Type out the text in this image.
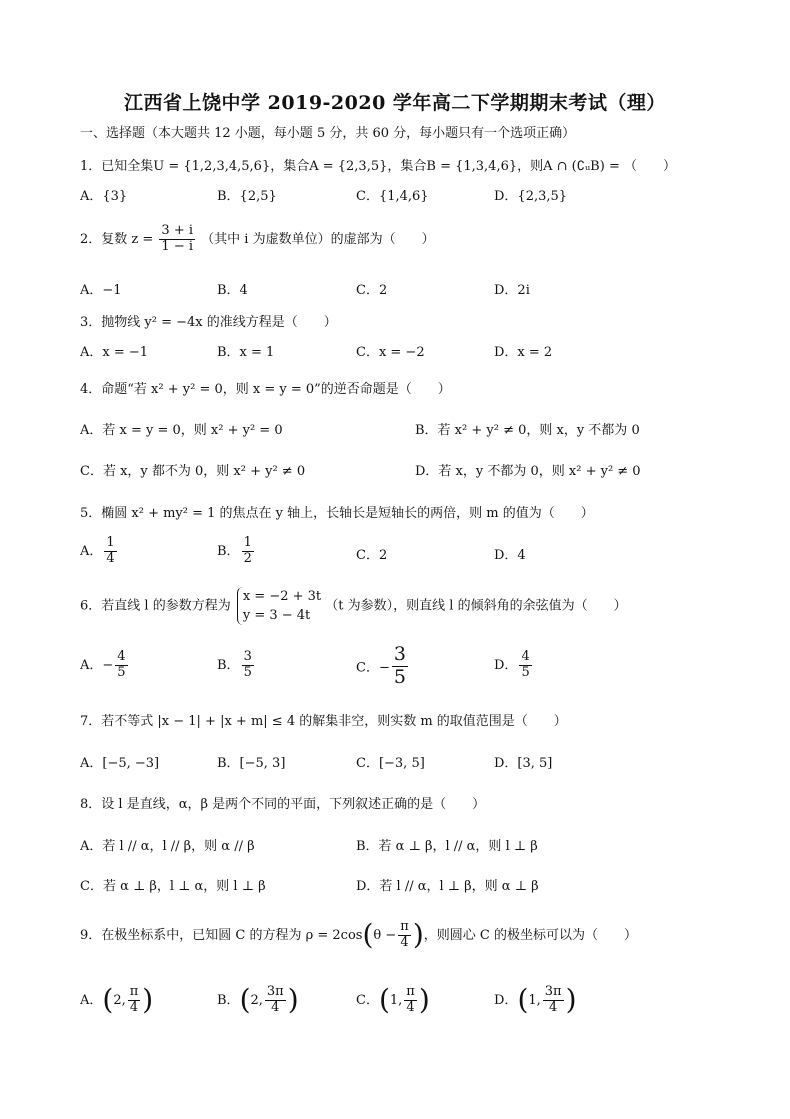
江西省上饶中学 2019-2020 学年高二下学期期末考试（理）
一、选择题（本大题共 12 小题，每小题 5 分，共 60 分，每小题只有一个选项正确）
1．已知全集U = {1,2,3,4,5,6}，集合A = {2,3,5}，集合B = {1,3,4,6}，则A ∩ (∁ᵤB) = （　　）
A．{3}	B．{2,5}	C．{1,4,6}	D．{2,3,5}
2．复数 $z = \frac{3 + i}{1 - i}$ （其中 i 为虚数单位）的虚部为（　　）
A．−1	B．4	C．2	D．2i
3．抛物线 y² = −4x 的准线方程是（　　）
A．x = −1	B．x = 1	C．x = −2	D．x = 2
4．命题“若 x² + y² = 0，则 x = y = 0”的逆否命题是（　　）
A．若 x = y = 0，则 x² + y² = 0	B．若 x² + y² ≠ 0，则 x，y 不都为 0
C．若 x，y 都不为 0，则 x² + y² ≠ 0	D．若 x，y 不都为 0，则 x² + y² ≠ 0
5．椭圆 x² + my² = 1 的焦点在 y 轴上，长轴长是短轴长的两倍，则 m 的值为（　　）
A． $\frac{1}{4}$	B． $\frac{1}{2}$	C．2	D．4
6．若直线 l 的参数方程为
x = −2 + 3t
y = 3 − 4t
（t 为参数），则直线 l 的倾斜角的余弦值为（　　）
A．− $\frac{4}{5}$	B． $\frac{3}{5}$	C．− $\frac{3}{5}$	D． $\frac{4}{5}$
7．若不等式 |x − 1| + |x + m| ≤ 4 的解集非空，则实数 m 的取值范围是（　　）
A．[−5, −3]	B．[−5, 3]	C．[−3, 5]	D．[3, 5]
8．设 l 是直线，α，β 是两个不同的平面，下列叙述正确的是（　　）
A．若 l // α，l // β，则 α // β	B．若 α ⊥ β，l // α，则 l ⊥ β
C．若 α ⊥ β，l ⊥ α，则 l ⊥ β	D．若 l // α，l ⊥ β，则 α ⊥ β
9．在极坐标系中，已知圆 C 的方程为 $\rho = 2\cos(\theta - \frac{\pi}{4}$ )，则圆心 C 的极坐标可以为（　　）
A．(2, $\frac{\pi}{4}$ )	B．(2, $\frac{3\pi}{4}$ )	C．(1, $\frac{\pi}{4}$ )	D．(1, $\frac{3\pi}{4}$ )
